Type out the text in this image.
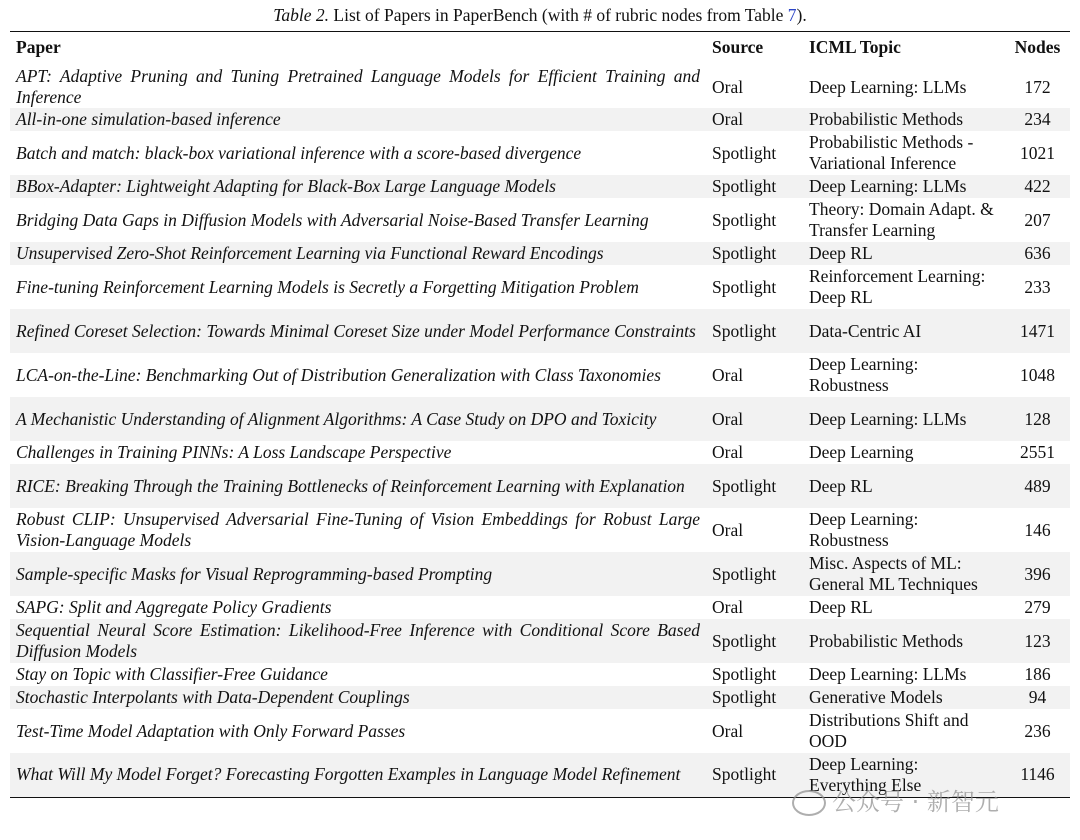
Table 2. List of Papers in PaperBench (with # of rubric nodes from Table 7).
Paper	Source	ICML Topic	Nodes
APT: Adaptive Pruning and Tuning Pretrained Language Models for Efficient Training and Inference	Oral	Deep Learning: LLMs	172
All-in-one simulation-based inference	Oral	Probabilistic Methods	234
Batch and match: black-box variational inference with a score-based divergence	Spotlight	Probabilistic Methods - Variational Inference	1021
BBox-Adapter: Lightweight Adapting for Black-Box Large Language Models	Spotlight	Deep Learning: LLMs	422
Bridging Data Gaps in Diffusion Models with Adversarial Noise-Based Transfer Learning	Spotlight	Theory: Domain Adapt. & Transfer Learning	207
Unsupervised Zero-Shot Reinforcement Learning via Functional Reward Encodings	Spotlight	Deep RL	636
Fine-tuning Reinforcement Learning Models is Secretly a Forgetting Mitigation Problem	Spotlight	Reinforcement Learning: Deep RL	233
Refined Coreset Selection: Towards Minimal Coreset Size under Model Performance Constraints	Spotlight	Data-Centric AI	1471
LCA-on-the-Line: Benchmarking Out of Distribution Generalization with Class Taxonomies	Oral	Deep Learning: Robustness	1048
A Mechanistic Understanding of Alignment Algorithms: A Case Study on DPO and Toxicity	Oral	Deep Learning: LLMs	128
Challenges in Training PINNs: A Loss Landscape Perspective	Oral	Deep Learning	2551
RICE: Breaking Through the Training Bottlenecks of Reinforcement Learning with Explanation	Spotlight	Deep RL	489
Robust CLIP: Unsupervised Adversarial Fine-Tuning of Vision Embeddings for Robust Large Vision-Language Models	Oral	Deep Learning: Robustness	146
Sample-specific Masks for Visual Reprogramming-based Prompting	Spotlight	Misc. Aspects of ML: General ML Techniques	396
SAPG: Split and Aggregate Policy Gradients	Oral	Deep RL	279
Sequential Neural Score Estimation: Likelihood-Free Inference with Conditional Score Based Diffusion Models	Spotlight	Probabilistic Methods	123
Stay on Topic with Classifier-Free Guidance	Spotlight	Deep Learning: LLMs	186
Stochastic Interpolants with Data-Dependent Couplings	Spotlight	Generative Models	94
Test-Time Model Adaptation with Only Forward Passes	Oral	Distributions Shift and OOD	236
What Will My Model Forget? Forecasting Forgotten Examples in Language Model Refinement	Spotlight	Deep Learning: Everything Else	1146
公众号 · 新智元
